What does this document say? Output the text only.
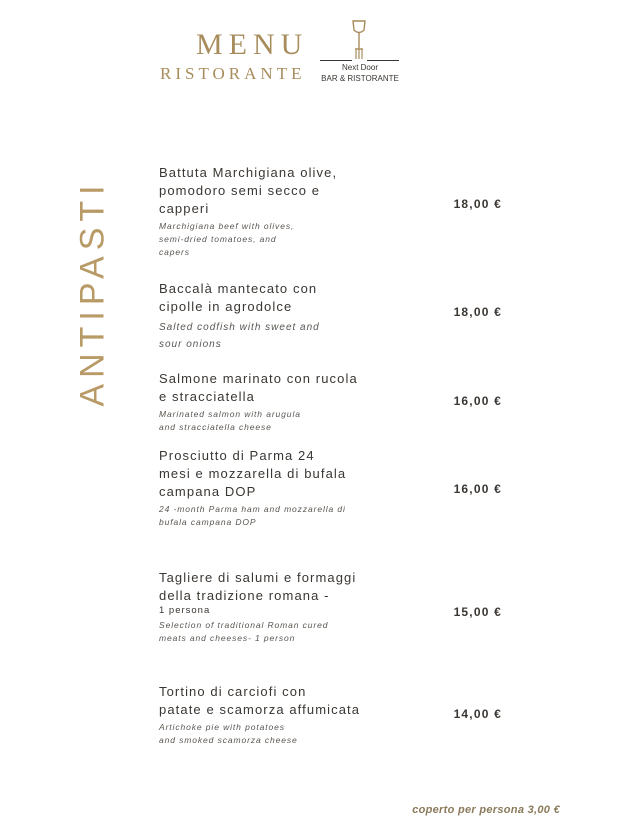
MENU
RISTORANTE	Next Door
BAR & RISTORANTE
ANTIPASTI
Battuta Marchigiana olive,
pomodoro semi secco e
capperi
Marchigiana beef with olives,
semi-dried tomatoes, and
capers
18,00 €
Baccalà mantecato con
cipolle in agrodolce
Salted codfish with sweet and
sour onions
18,00 €
Salmone marinato con rucola
e stracciatella
Marinated salmon with arugula
and stracciatella cheese
16,00 €
Prosciutto di Parma 24
mesi e mozzarella di bufala
campana DOP
24 -month Parma ham and mozzarella di
bufala campana DOP
16,00 €
Tagliere di salumi e formaggi
della tradizione romana -
1 persona
Selection of traditional Roman cured
meats and cheeses- 1 person
15,00 €
Tortino di carciofi con
patate e scamorza affumicata
Artichoke pie with potatoes
and smoked scamorza cheese
14,00 €
coperto per persona 3,00 €
